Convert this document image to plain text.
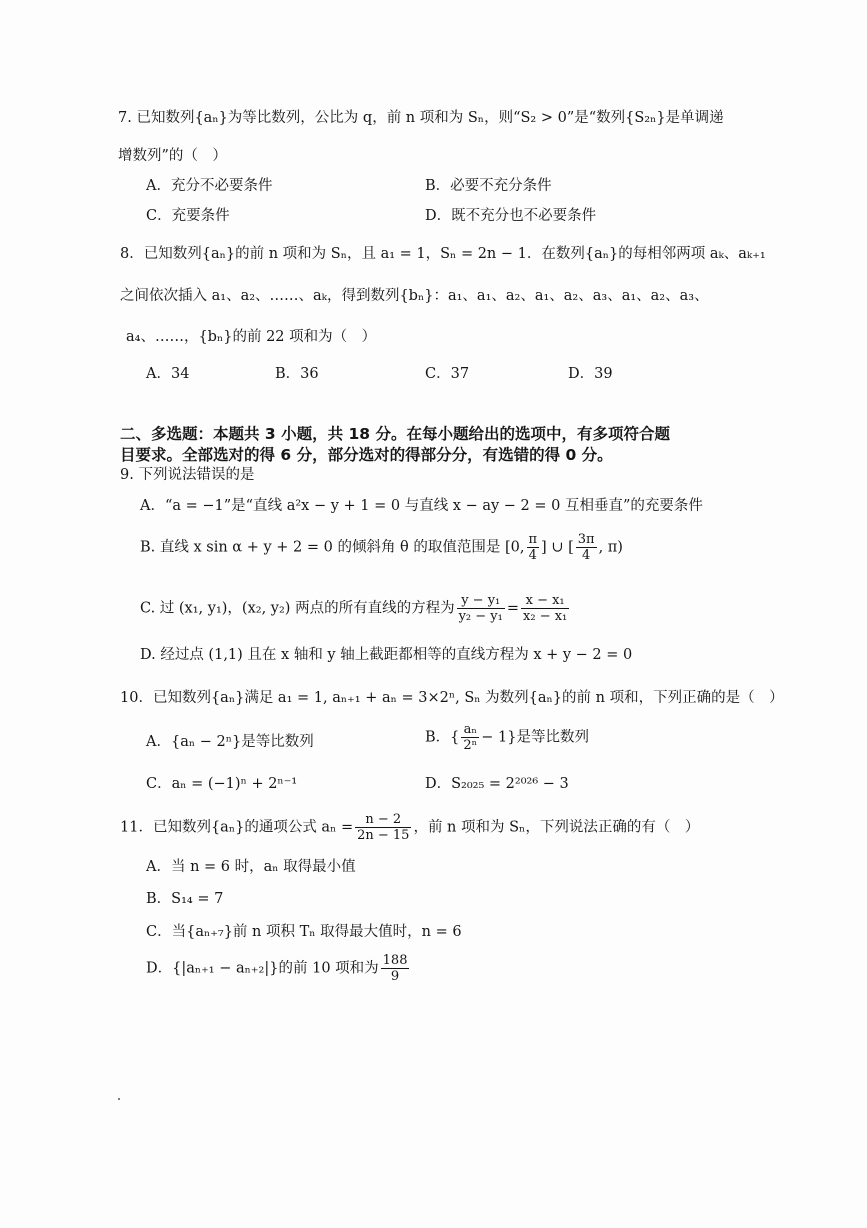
7. 已知数列{aₙ}为等比数列，公比为 q，前 n 项和为 Sₙ，则“S₂ > 0”是“数列{S₂ₙ}是单调递
增数列”的（　）
A．充分不必要条件	B．必要不充分条件
C．充要条件	D．既不充分也不必要条件
8．已知数列{aₙ}的前 n 项和为 Sₙ，且 a₁ = 1，Sₙ = 2n − 1．在数列{aₙ}的每相邻两项 aₖ、aₖ₊₁
之间依次插入 a₁、a₂、……、aₖ，得到数列{bₙ}：a₁、a₁、a₂、a₁、a₂、a₃、a₁、a₂、a₃、
a₄、……，{bₙ}的前 22 项和为（　）
A．34	B．36	C．37	D．39
二、多选题：本题共 3 小题，共 18 分。在每小题给出的选项中，有多项符合题
目要求。全部选对的得 6 分，部分选对的得部分分，有选错的得 0 分。
9. 下列说法错误的是
A．“a = −1”是“直线 a²x − y + 1 = 0 与直线 x − ay − 2 = 0 互相垂直”的充要条件
B. 直线 x sin α + y + 2 = 0 的倾斜角 θ 的取值范围是 [0, $\frac{\pi}{4}$ ] ∪ [ $\frac{3\pi}{4}$ , π)
C. 过 (x₁, y₁)，(x₂, y₂) 两点的所有直线的方程为 $\frac{\text{y − y₁}}{\text{y₂ − y₁}} = \frac{\text{x − x₁}}{\text{x₂ − x₁}}$
D. 经过点 (1,1) 且在 x 轴和 y 轴上截距都相等的直线方程为 x + y − 2 = 0
10．已知数列{aₙ}满足 a₁ = 1, aₙ₊₁ + aₙ = 3×2ⁿ, Sₙ 为数列{aₙ}的前 n 项和，下列正确的是（　）
A．{aₙ − 2ⁿ}是等比数列	B．{ $\frac{\text{aₙ}}{\text{2ⁿ}} - 1$}是等比数列
C．aₙ = (−1)ⁿ + 2ⁿ⁻¹	D．S₂₀₂₅ = 2²⁰²⁶ − 3
11．已知数列{aₙ}的通项公式 $a_n = \frac{n - 2}{2n - 15}$ ，前 n 项和为 Sₙ，下列说法正确的有（　）
A．当 n = 6 时，aₙ 取得最小值
B．S₁₄ = 7
C．当{aₙ₊₇}前 n 项积 Tₙ 取得最大值时，n = 6
D．{|aₙ₊₁ − aₙ₊₂|}的前 10 项和为 $\frac{188}{9}$
